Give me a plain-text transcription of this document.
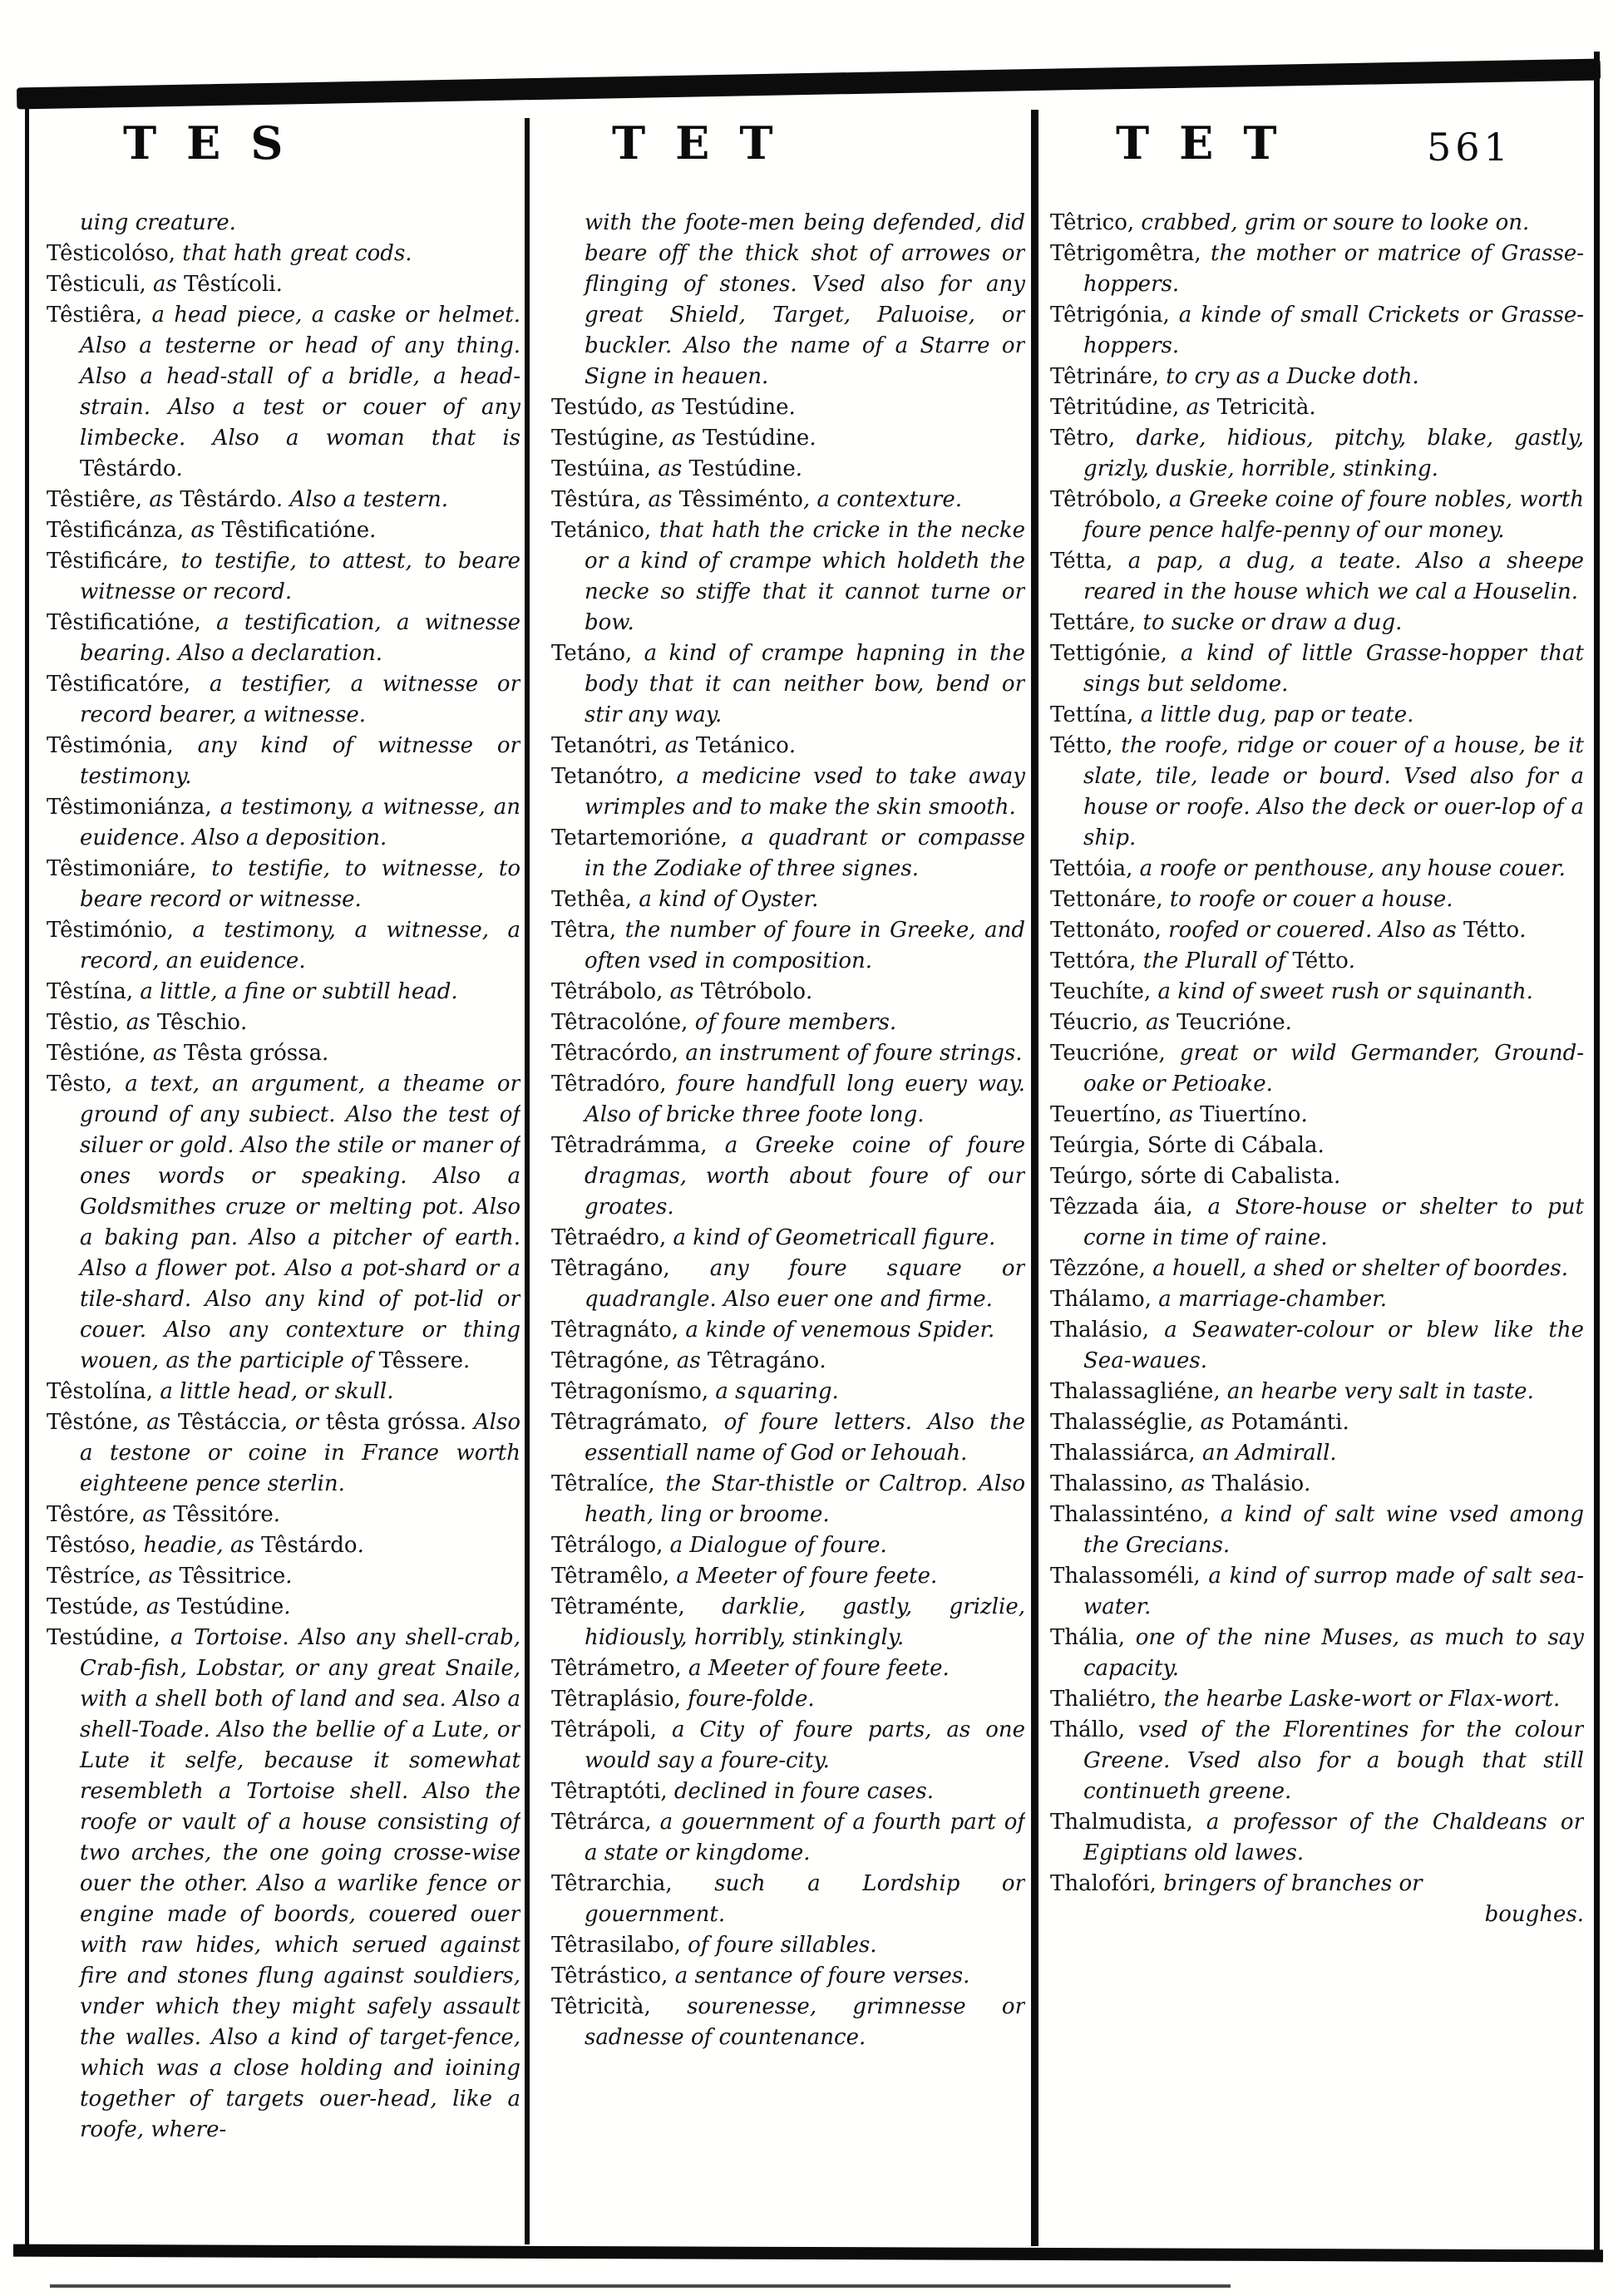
TES	TET	TET	561

uing creature.

Têsticolóso, that hath great cods.

Têsticuli, as Têstícoli.

Têstiêra, a head piece, a caske or helmet. Also a testerne or head of any thing. Also a head-stall of a bridle, a head-strain. Also a test or couer of any limbecke. Also a woman that is Têstárdo.

Têstiêre, as Têstárdo. Also a testern.

Têstificánza, as Têstificatióne.

Têstificáre, to testifie, to attest, to beare witnesse or record.

Têstificatióne, a testification, a witnesse bearing. Also a declaration.

Têstificatóre, a testifier, a witnesse or record bearer, a witnesse.

Têstimónia, any kind of witnesse or testimony.

Têstimoniánza, a testimony, a witnesse, an euidence. Also a deposition.

Têstimoniáre, to testifie, to witnesse, to beare record or witnesse.

Têstimónio, a testimony, a witnesse, a record, an euidence.

Têstína, a little, a fine or subtill head.

Têstio, as Têschio.

Têstióne, as Têsta gróssa.

Têsto, a text, an argument, a theame or ground of any subiect. Also the test of siluer or gold. Also the stile or maner of ones words or speaking. Also a Goldsmithes cruze or melting pot. Also a baking pan. Also a pitcher of earth. Also a flower pot. Also a pot-shard or a tile-shard. Also any kind of pot-lid or couer. Also any contexture or thing wouen, as the participle of Têssere.

Têstolína, a little head, or skull.

Têstóne, as Têstáccia, or têsta gróssa. Also a testone or coine in France worth eighteene pence sterlin.

Têstóre, as Têssitóre.

Têstóso, headie, as Têstárdo.

Têstríce, as Têssitrice.

Testúde, as Testúdine.

Testúdine, a Tortoise. Also any shell-crab, Crab-fish, Lobstar, or any great Snaile, with a shell both of land and sea. Also a shell-Toade. Also the bellie of a Lute, or Lute it selfe, because it somewhat resembleth a Tortoise shell. Also the roofe or vault of a house consisting of two arches, the one going crosse-wise ouer the other. Also a warlike fence or engine made of boords, couered ouer with raw hides, which serued against fire and stones flung against souldiers, vnder which they might safely assault the walles. Also a kind of target-fence, which was a close holding and ioining together of targets ouer-head, like a roofe, where-

with the foote-men being defended, did beare off the thick shot of arrowes or flinging of stones. Vsed also for any great Shield, Target, Paluoise, or buckler. Also the name of a Starre or Signe in heauen.

Testúdo, as Testúdine.

Testúgine, as Testúdine.

Testúina, as Testúdine.

Têstúra, as Têssiménto, a contexture.

Tetánico, that hath the cricke in the necke or a kind of crampe which holdeth the necke so stiffe that it cannot turne or bow.

Tetáno, a kind of crampe hapning in the body that it can neither bow, bend or stir any way.

Tetanótri, as Tetánico.

Tetanótro, a medicine vsed to take away wrimples and to make the skin smooth.

Tetartemorióne, a quadrant or compasse in the Zodiake of three signes.

Tethêa, a kind of Oyster.

Têtra, the number of foure in Greeke, and often vsed in composition.

Têtrábolo, as Têtróbolo.

Têtracolóne, of foure members.

Têtracórdo, an instrument of foure strings.

Têtradóro, foure handfull long euery way. Also of bricke three foote long.

Têtradrámma, a Greeke coine of foure dragmas, worth about foure of our groates.

Têtraédro, a kind of Geometricall figure.

Têtragáno, any foure square or quadrangle. Also euer one and firme.

Têtragnáto, a kinde of venemous Spider.

Têtragóne, as Têtragáno.

Têtragonísmo, a squaring.

Têtragrámato, of foure letters. Also the essentiall name of God or Iehouah.

Têtralíce, the Star-thistle or Caltrop. Also heath, ling or broome.

Têtrálogo, a Dialogue of foure.

Têtramêlo, a Meeter of foure feete.

Têtraménte, darklie, gastly, grizlie, hidiously, horribly, stinkingly.

Têtrámetro, a Meeter of foure feete.

Têtraplásio, foure-folde.

Têtrápoli, a City of foure parts, as one would say a foure-city.

Têtraptóti, declined in foure cases.

Têtrárca, a gouernment of a fourth part of a state or kingdome.

Têtrarchia, such a Lordship or gouernment.

Têtrasilabo, of foure sillables.

Têtrástico, a sentance of foure verses.

Têtricità, sourenesse, grimnesse or sadnesse of countenance.

Têtrico, crabbed, grim or soure to looke on.

Têtrigomêtra, the mother or matrice of Grasse-hoppers.

Têtrigónia, a kinde of small Crickets or Grasse-hoppers.

Têtrináre, to cry as a Ducke doth.

Têtritúdine, as Tetricità.

Têtro, darke, hidious, pitchy, blake, gastly, grizly, duskie, horrible, stinking.

Têtróbolo, a Greeke coine of foure nobles, worth foure pence halfe-penny of our money.

Tétta, a pap, a dug, a teate. Also a sheepe reared in the house which we cal a Houselin.

Tettáre, to sucke or draw a dug.

Tettigónie, a kind of little Grasse-hopper that sings but seldome.

Tettína, a little dug, pap or teate.

Tétto, the roofe, ridge or couer of a house, be it slate, tile, leade or bourd. Vsed also for a house or roofe. Also the deck or ouer-lop of a ship.

Tettóia, a roofe or penthouse, any house couer.

Tettonáre, to roofe or couer a house.

Tettonáto, roofed or couered. Also as Tétto.

Tettóra, the Plurall of Tétto.

Teuchíte, a kind of sweet rush or squinanth.

Téucrio, as Teucrióne.

Teucrióne, great or wild Germander, Ground-oake or Petioake.

Teuertíno, as Tiuertíno.

Teúrgia, Sórte di Cábala.

Teúrgo, sórte di Cabalista.

Têzzada áia, a Store-house or shelter to put corne in time of raine.

Têzzóne, a houell, a shed or shelter of boordes.

Thálamo, a marriage-chamber.

Thalásio, a Seawater-colour or blew like the Sea-waues.

Thalassagliéne, an hearbe very salt in taste.

Thalasséglie, as Potamánti.

Thalassiárca, an Admirall.

Thalassino, as Thalásio.

Thalassinténo, a kind of salt wine vsed among the Grecians.

Thalassoméli, a kind of surrop made of salt sea-water.

Thália, one of the nine Muses, as much to say capacity.

Thaliétro, the hearbe Laske-wort or Flax-wort.

Thállo, vsed of the Florentines for the colour Greene. Vsed also for a bough that still continueth greene.

Thalmudista, a professor of the Chaldeans or Egiptians old lawes.

Thalofóri, bringers of branches or
boughes.
